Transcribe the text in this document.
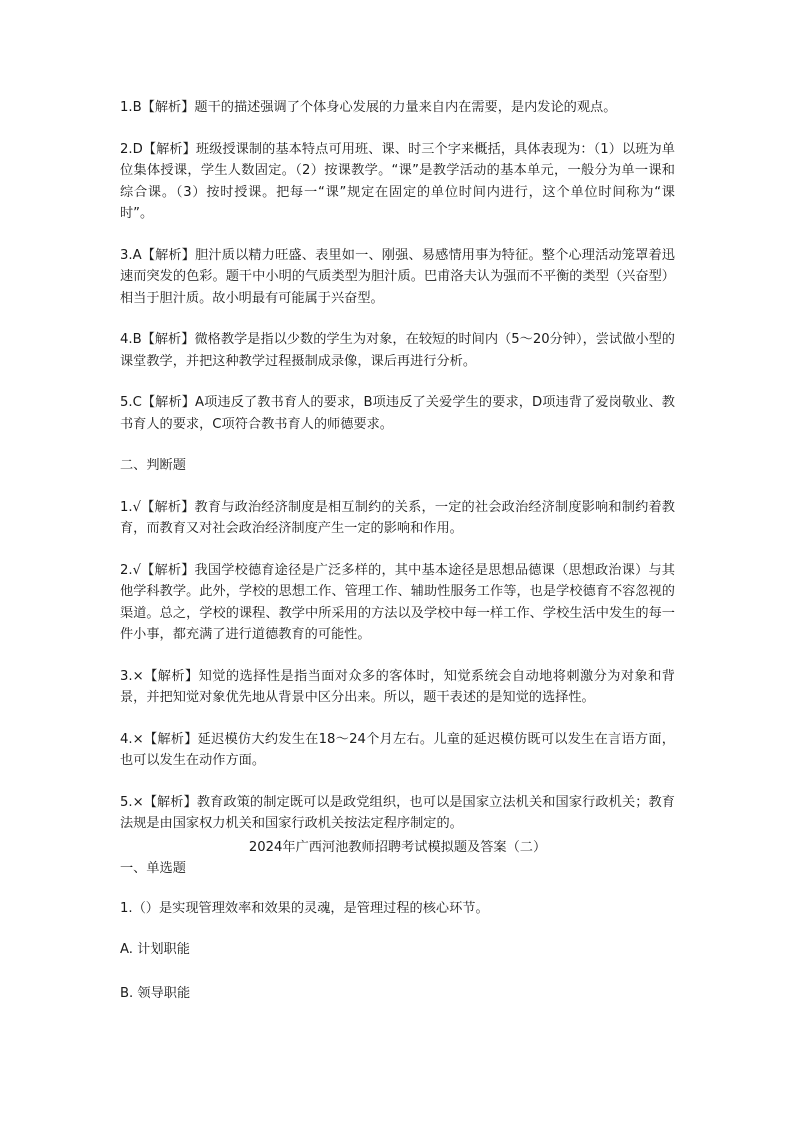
1.B【解析】题干的描述强调了个体身心发展的力量来自内在需要，是内发论的观点。

2.D【解析】班级授课制的基本特点可用班、课、时三个字来概括，具体表现为：（1）以班为单位集体授课，学生人数固定。（2）按课教学。“课”是教学活动的基本单元，一般分为单一课和综合课。（3）按时授课。把每一“课”规定在固定的单位时间内进行，这个单位时间称为“课时”。

3.A【解析】胆汁质以精力旺盛、表里如一、刚强、易感情用事为特征。整个心理活动笼罩着迅速而突发的色彩。题干中小明的气质类型为胆汁质。巴甫洛夫认为强而不平衡的类型（兴奋型）相当于胆汁质。故小明最有可能属于兴奋型。

4.B【解析】微格教学是指以少数的学生为对象，在较短的时间内（5～20分钟），尝试做小型的课堂教学，并把这种教学过程摄制成录像，课后再进行分析。

5.C【解析】A项违反了教书育人的要求，B项违反了关爱学生的要求，D项违背了爱岗敬业、教书育人的要求，C项符合教书育人的师德要求。

二、判断题

1.√【解析】教育与政治经济制度是相互制约的关系，一定的社会政治经济制度影响和制约着教育，而教育又对社会政治经济制度产生一定的影响和作用。

2.√【解析】我国学校德育途径是广泛多样的，其中基本途径是思想品德课（思想政治课）与其他学科教学。此外，学校的思想工作、管理工作、辅助性服务工作等，也是学校德育不容忽视的渠道。总之，学校的课程、教学中所采用的方法以及学校中每一样工作、学校生活中发生的每一件小事，都充满了进行道德教育的可能性。

3.×【解析】知觉的选择性是指当面对众多的客体时，知觉系统会自动地将刺激分为对象和背景，并把知觉对象优先地从背景中区分出来。所以，题干表述的是知觉的选择性。

4.×【解析】延迟模仿大约发生在18～24个月左右。儿童的延迟模仿既可以发生在言语方面，也可以发生在动作方面。

5.×【解析】教育政策的制定既可以是政党组织，也可以是国家立法机关和国家行政机关；教育法规是由国家权力机关和国家行政机关按法定程序制定的。

2024年广西河池教师招聘考试模拟题及答案（二）

一、单选题

1.（）是实现管理效率和效果的灵魂，是管理过程的核心环节。

A. 计划职能

B. 领导职能
